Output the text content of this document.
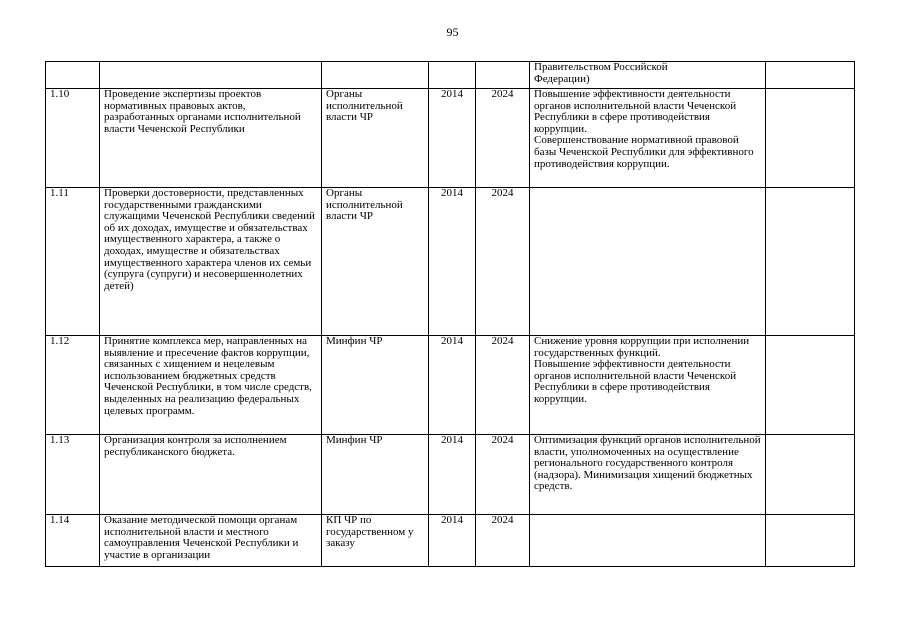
95

					Правительством Российской
Федерации)	

1.10	Проведение экспертизы проектов нормативных правовых актов, разработанных органами исполнительной власти Чеченской Республики	Органы исполнительной власти ЧР	2014	2024	Повышение эффективности деятельности органов исполнительной власти Чеченской Республики в сфере противодействия коррупции.
Совершенствование нормативной правовой базы Чеченской Республики для эффективного противодействия коррупции.	

1.11	Проверки достоверности, представленных государственными гражданскими служащими Чеченской Республики сведений об их доходах, имуществе и обязательствах имущественного характера, а также о доходах, имуществе и обязательствах имущественного характера членов их семьи (супруга (супруги) и несовершеннолетних детей)	Органы исполнительной власти ЧР	2014	2024		
1.12	Принятие комплекса мер, направленных на выявление и пресечение фактов коррупции, связанных с хищением и нецелевым использованием бюджетных средств Чеченской Республики, в том числе средств, выделенных на реализацию федеральных целевых программ.	Минфин ЧР	2014	2024	Снижение уровня коррупции при исполнении государственных функций.
Повышение эффективности деятельности органов исполнительной власти Чеченской Республики в сфере противодействия коррупции.	

1.13	Организация контроля за исполнением республиканского бюджета.	Минфин ЧР	2014	2024	Оптимизация функций органов исполнительной власти, уполномоченных на осуществление регионального государственного контроля (надзора). Минимизация хищений бюджетных средств.	

1.14	Оказание методической помощи органам исполнительной власти и местного самоуправления Чеченской Республики и участие в организации	КП ЧР по государственном у заказу	2014	2024		
